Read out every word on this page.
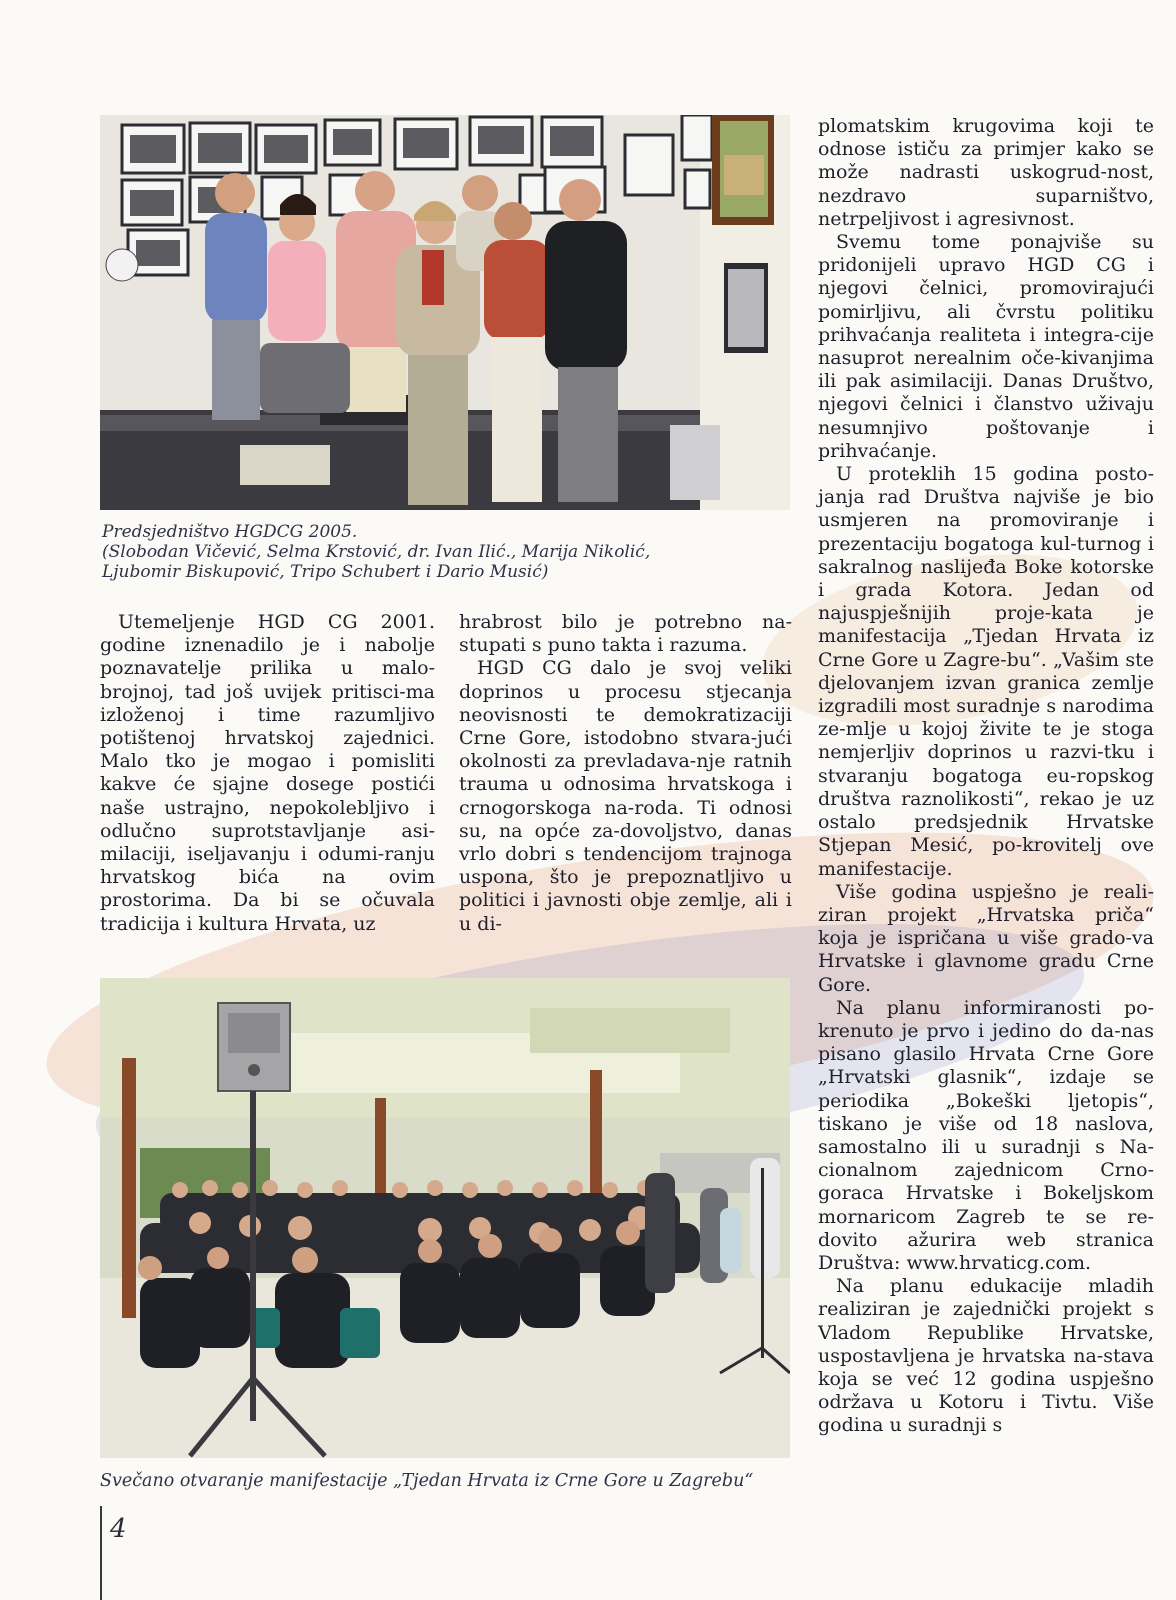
Predsjedništvo HGDCG 2005.
(Slobodan Vičević, Selma Krstović, dr. Ivan Ilić., Marija Nikolić,
Ljubomir Biskupović, Tripo Schubert i Dario Musić)

Utemeljenje HGD CG 2001. godine iznenadilo je i nabolje poznavatelje prilika u malo-brojnoj, tad još uvijek pritisci-ma izloženoj i time razumljivo potištenoj hrvatskoj zajednici. Malo tko je mogao i pomisliti kakve će sjajne dosege postići naše ustrajno, nepokolebljivo i odlučno suprotstavljanje asi-milaciji, iseljavanju i odumi-ranju hrvatskog bića na ovim prostorima. Da bi se očuvala tradicija i kultura Hrvata, uz

hrabrost bilo je potrebno na-stupati s puno takta i razuma.

HGD CG dalo je svoj veliki doprinos u procesu stjecanja neovisnosti te demokratizaciji Crne Gore, istodobno stvara-jući okolnosti za prevladava-nje ratnih trauma u odnosima hrvatskoga i crnogorskoga na-roda. Ti odnosi su, na opće za-dovoljstvo, danas vrlo dobri s tendencijom trajnoga uspona, što je prepoznatljivo u politici i javnosti obje zemlje, ali i u di-

plomatskim krugovima koji te odnose ističu za primjer kako se može nadrasti uskogrud-nost, nezdravo suparništvo, netrpeljivost i agresivnost.

Svemu tome ponajviše su pridonijeli upravo HGD CG i njegovi čelnici, promovirajući pomirljivu, ali čvrstu politiku prihvaćanja realiteta i integra-cije nasuprot nerealnim oče-kivanjima ili pak asimilaciji. Danas Društvo, njegovi čelnici i članstvo uživaju nesumnjivo poštovanje i prihvaćanje.

U proteklih 15 godina posto-janja rad Društva najviše je bio usmjeren na promoviranje i prezentaciju bogatoga kul-turnog i sakralnog naslijeđa Boke kotorske i grada Kotora. Jedan od najuspješnijih proje-kata je manifestacija „Tjedan Hrvata iz Crne Gore u Zagre-bu“. „Vašim ste djelovanjem izvan granica zemlje izgradili most suradnje s narodima ze-mlje u kojoj živite te je stoga nemjerljiv doprinos u razvi-tku i stvaranju bogatoga eu-ropskog društva raznolikosti“, rekao je uz ostalo predsjednik Hrvatske Stjepan Mesić, po-krovitelj ove manifestacije.

Više godina uspješno je reali-ziran projekt „Hrvatska priča“ koja je ispričana u više grado-va Hrvatske i glavnome gradu Crne Gore.

Na planu informiranosti po-krenuto je prvo i jedino do da-nas pisano glasilo Hrvata Crne Gore „Hrvatski glasnik“, izdaje se periodika „Bokeški ljetopis“, tiskano je više od 18 naslova, samostalno ili u suradnji s Na-cionalnom zajednicom Crno-goraca Hrvatske i Bokeljskom mornaricom Zagreb te se re-dovito ažurira web stranica Društva: www.hrvaticg.com.

Na planu edukacije mladih realiziran je zajednički projekt s Vladom Republike Hrvatske, uspostavljena je hrvatska na-stava koja se već 12 godina uspješno održava u Kotoru i Tivtu. Više godina u suradnji s

Svečano otvaranje manifestacije „Tjedan Hrvata iz Crne Gore u Zagrebu“
4
